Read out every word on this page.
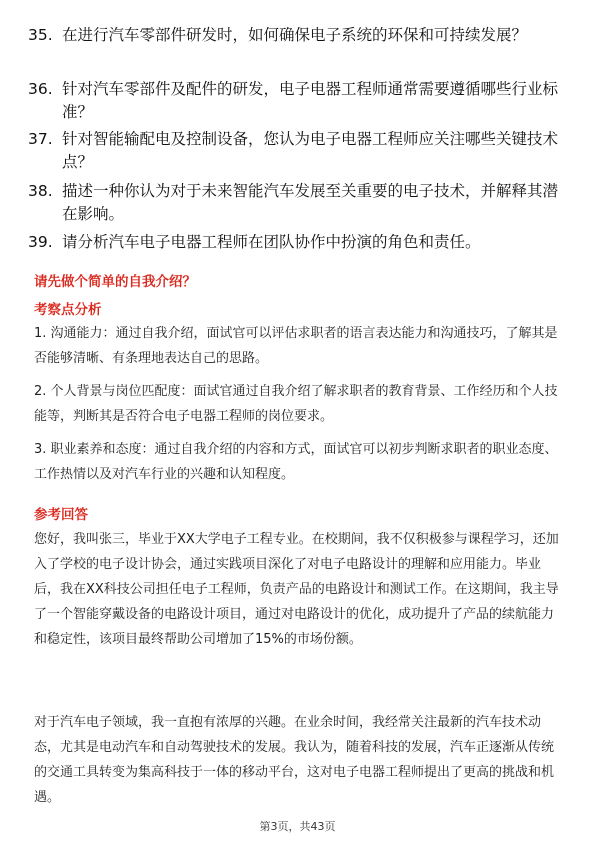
35. 在进行汽车零部件研发时，如何确保电子系统的环保和可持续发展？
36. 针对汽车零部件及配件的研发，电子电器工程师通常需要遵循哪些行业标准？
37. 针对智能输配电及控制设备，您认为电子电器工程师应关注哪些关键技术点？
38. 描述一种你认为对于未来智能汽车发展至关重要的电子技术，并解释其潜在影响。
39. 请分析汽车电子电器工程师在团队协作中扮演的角色和责任。
请先做个简单的自我介绍？
考察点分析
1. 沟通能力：通过自我介绍，面试官可以评估求职者的语言表达能力和沟通技巧，了解其是否能够清晰、有条理地表达自己的思路。
2. 个人背景与岗位匹配度：面试官通过自我介绍了解求职者的教育背景、工作经历和个人技能等，判断其是否符合电子电器工程师的岗位要求。
3. 职业素养和态度：通过自我介绍的内容和方式，面试官可以初步判断求职者的职业态度、工作热情以及对汽车行业的兴趣和认知程度。
参考回答
您好，我叫张三，毕业于XX大学电子工程专业。在校期间，我不仅积极参与课程学习，还加入了学校的电子设计协会，通过实践项目深化了对电子电路设计的理解和应用能力。毕业后，我在XX科技公司担任电子工程师，负责产品的电路设计和测试工作。在这期间，我主导了一个智能穿戴设备的电路设计项目，通过对电路设计的优化，成功提升了产品的续航能力和稳定性，该项目最终帮助公司增加了15%的市场份额。
对于汽车电子领域，我一直抱有浓厚的兴趣。在业余时间，我经常关注最新的汽车技术动态，尤其是电动汽车和自动驾驶技术的发展。我认为，随着科技的发展，汽车正逐渐从传统的交通工具转变为集高科技于一体的移动平台，这对电子电器工程师提出了更高的挑战和机遇。
第3页，共43页
